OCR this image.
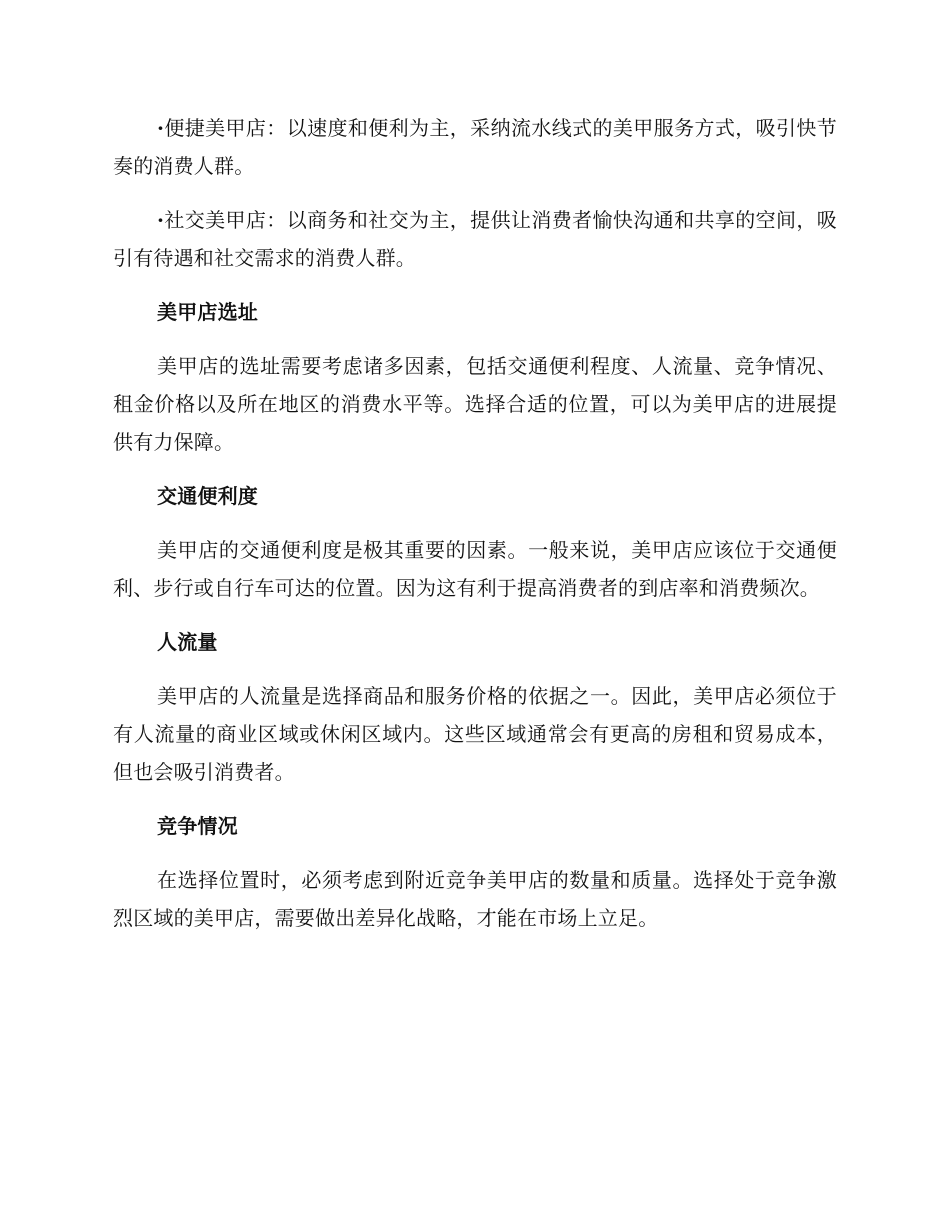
·便捷美甲店：以速度和便利为主，采纳流水线式的美甲服务方式，吸引快节奏的消费人群。

·社交美甲店：以商务和社交为主，提供让消费者愉快沟通和共享的空间，吸引有待遇和社交需求的消费人群。

美甲店选址

美甲店的选址需要考虑诸多因素，包括交通便利程度、人流量、竞争情况、租金价格以及所在地区的消费水平等。选择合适的位置，可以为美甲店的进展提供有力保障。

交通便利度

美甲店的交通便利度是极其重要的因素。一般来说，美甲店应该位于交通便利、步行或自行车可达的位置。因为这有利于提高消费者的到店率和消费频次。

人流量

美甲店的人流量是选择商品和服务价格的依据之一。因此，美甲店必须位于有人流量的商业区域或休闲区域内。这些区域通常会有更高的房租和贸易成本，但也会吸引消费者。

竞争情况

在选择位置时，必须考虑到附近竞争美甲店的数量和质量。选择处于竞争激烈区域的美甲店，需要做出差异化战略，才能在市场上立足。
